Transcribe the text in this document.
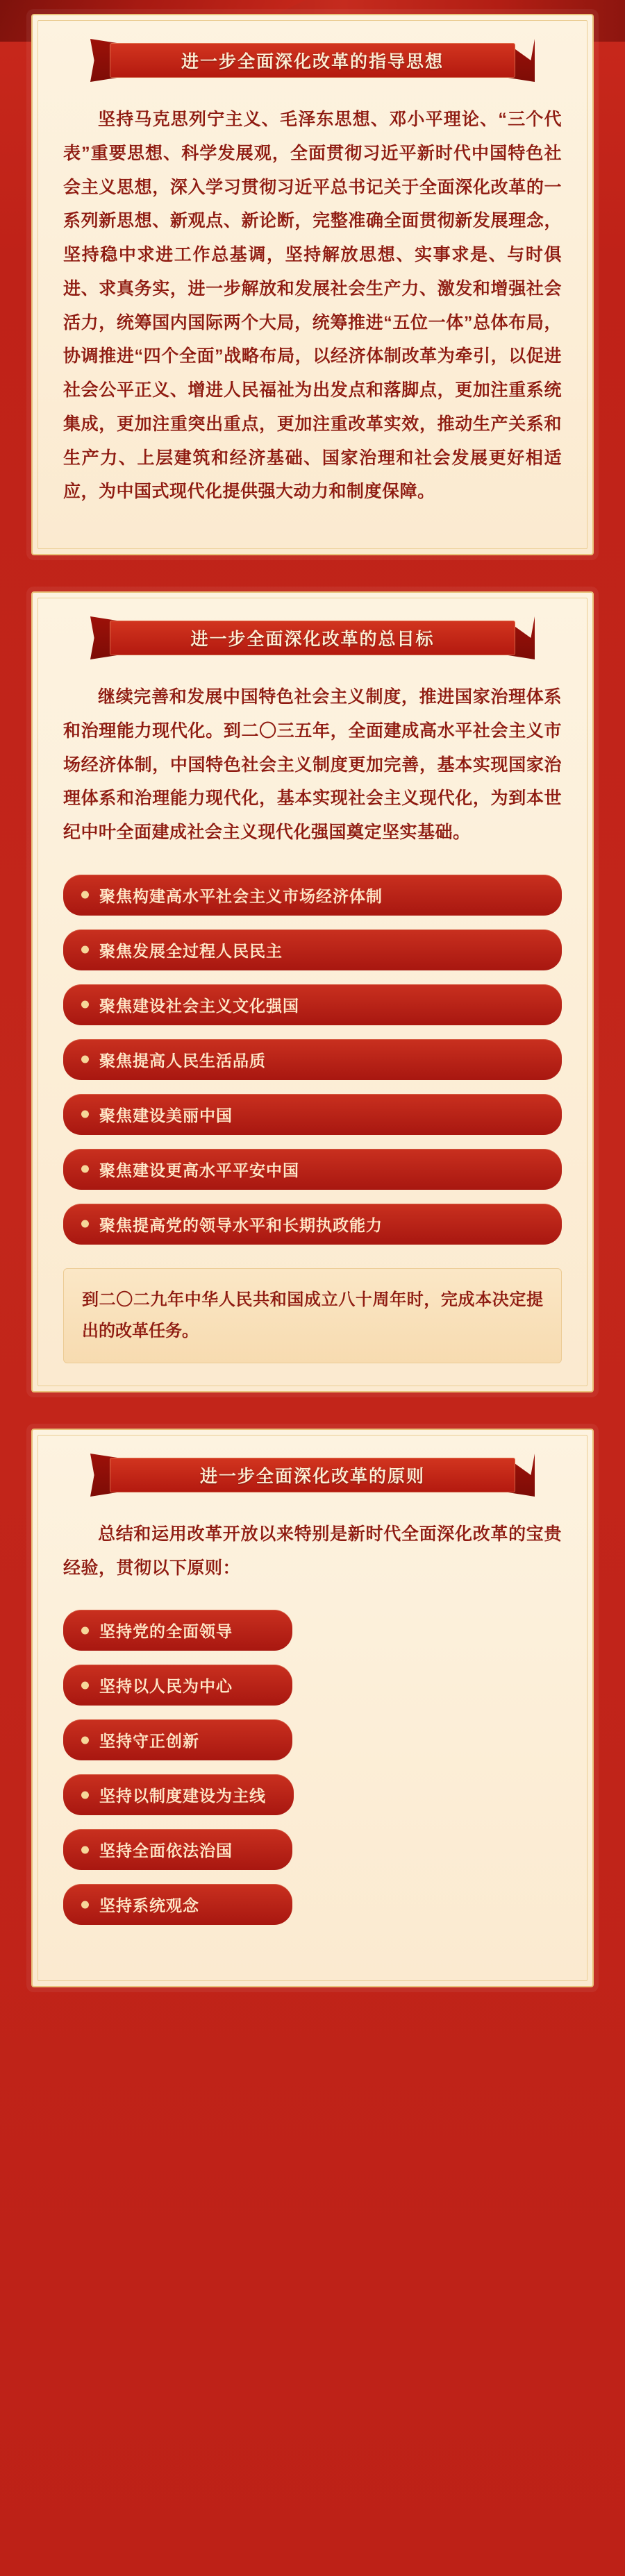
进一步全面深化改革的指导思想

坚持马克思列宁主义、毛泽东思想、邓小平理论、“三个代表”重要思想、科学发展观，全面贯彻习近平新时代中国特色社会主义思想，深入学习贯彻习近平总书记关于全面深化改革的一系列新思想、新观点、新论断，完整准确全面贯彻新发展理念，坚持稳中求进工作总基调，坚持解放思想、实事求是、与时俱进、求真务实，进一步解放和发展社会生产力、激发和增强社会活力，统筹国内国际两个大局，统筹推进“五位一体”总体布局，协调推进“四个全面”战略布局，以经济体制改革为牵引，以促进社会公平正义、增进人民福祉为出发点和落脚点，更加注重系统集成，更加注重突出重点，更加注重改革实效，推动生产关系和生产力、上层建筑和经济基础、国家治理和社会发展更好相适应，为中国式现代化提供强大动力和制度保障。

进一步全面深化改革的总目标

继续完善和发展中国特色社会主义制度，推进国家治理体系和治理能力现代化。到二〇三五年，全面建成高水平社会主义市场经济体制，中国特色社会主义制度更加完善，基本实现国家治理体系和治理能力现代化，基本实现社会主义现代化，为到本世纪中叶全面建成社会主义现代化强国奠定坚实基础。

聚焦构建高水平社会主义市场经济体制
聚焦发展全过程人民民主
聚焦建设社会主义文化强国
聚焦提高人民生活品质
聚焦建设美丽中国
聚焦建设更高水平平安中国
聚焦提高党的领导水平和长期执政能力
到二〇二九年中华人民共和国成立八十周年时，完成本决定提出的改革任务。
进一步全面深化改革的原则

总结和运用改革开放以来特别是新时代全面深化改革的宝贵经验，贯彻以下原则：

坚持党的全面领导
坚持以人民为中心
坚持守正创新
坚持以制度建设为主线
坚持全面依法治国
坚持系统观念
